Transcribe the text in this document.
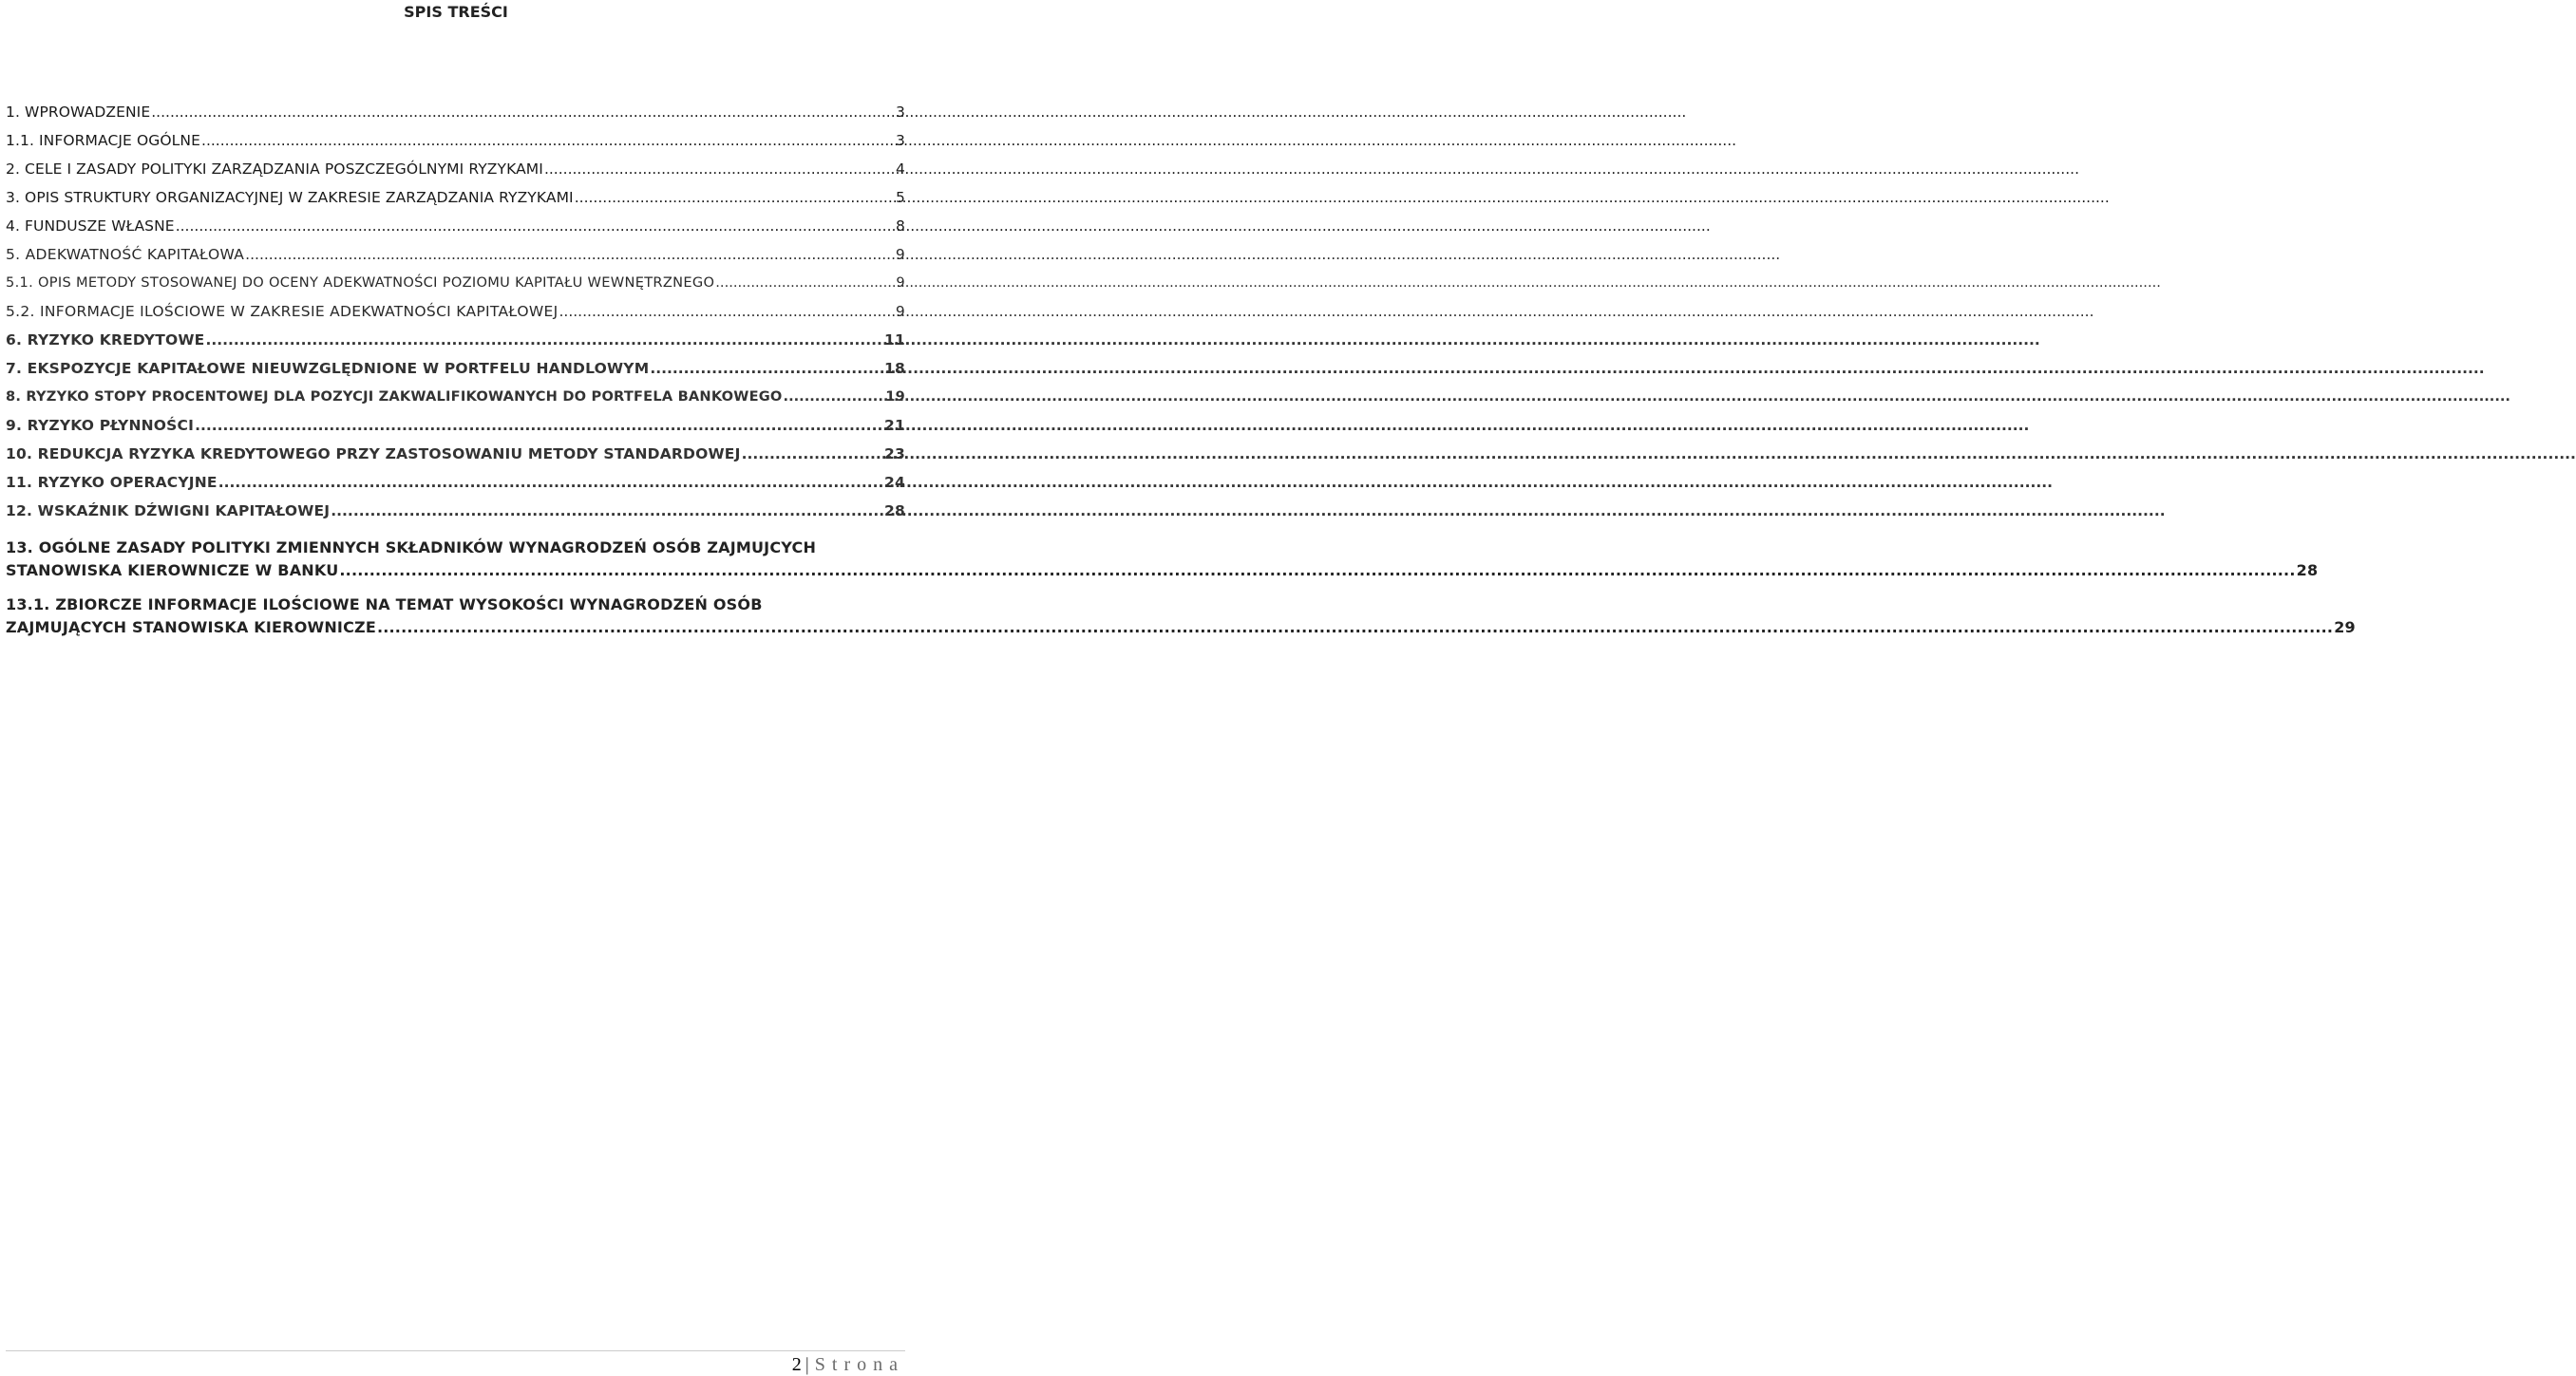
SPIS TREŚCI
1. WPROWADZENIE .....	3
1.1. INFORMACJE OGÓLNE .....	3
2. CELE I ZASADY POLITYKI ZARZĄDZANIA POSZCZEGÓLNYMI RYZYKAMI .....	4
3. OPIS STRUKTURY ORGANIZACYJNEJ W ZAKRESIE ZARZĄDZANIA RYZYKAMI .....	5
4. FUNDUSZE WŁASNE .....	8
5. ADEKWATNOŚĆ KAPITAŁOWA .....	9
5.1. OPIS METODY STOSOWANEJ DO OCENY ADEKWATNOŚCI POZIOMU KAPITAŁU WEWNĘTRZNEGO .....	9
5.2. INFORMACJE ILOŚCIOWE W ZAKRESIE ADEKWATNOŚCI KAPITAŁOWEJ .....	9
6. RYZYKO KREDYTOWE .....	11
7. EKSPOZYCJE KAPITAŁOWE NIEUWZGLĘDNIONE W PORTFELU HANDLOWYM .....	18
8. RYZYKO STOPY PROCENTOWEJ DLA POZYCJI ZAKWALIFIKOWANYCH DO PORTFELA BANKOWEGO .....	19
9. RYZYKO PŁYNNOŚCI .....	21
10. REDUKCJA RYZYKA KREDYTOWEGO PRZY ZASTOSOWANIU METODY STANDARDOWEJ .....	23
11. RYZYKO OPERACYJNE .....	24
12. WSKAŹNIK DŹWIGNI KAPITAŁOWEJ .....	28
13. OGÓLNE ZASADY POLITYKI ZMIENNYCH SKŁADNIKÓW WYNAGRODZEŃ OSÓB ZAJMUJCYCH
STANOWISKA KIEROWNICZE W BANKU .....	28
13.1. ZBIORCZE INFORMACJE ILOŚCIOWE NA TEMAT WYSOKOŚCI WYNAGRODZEŃ OSÓB
ZAJMUJĄCYCH STANOWISKA KIEROWNICZE .....	29
2 | Strona
